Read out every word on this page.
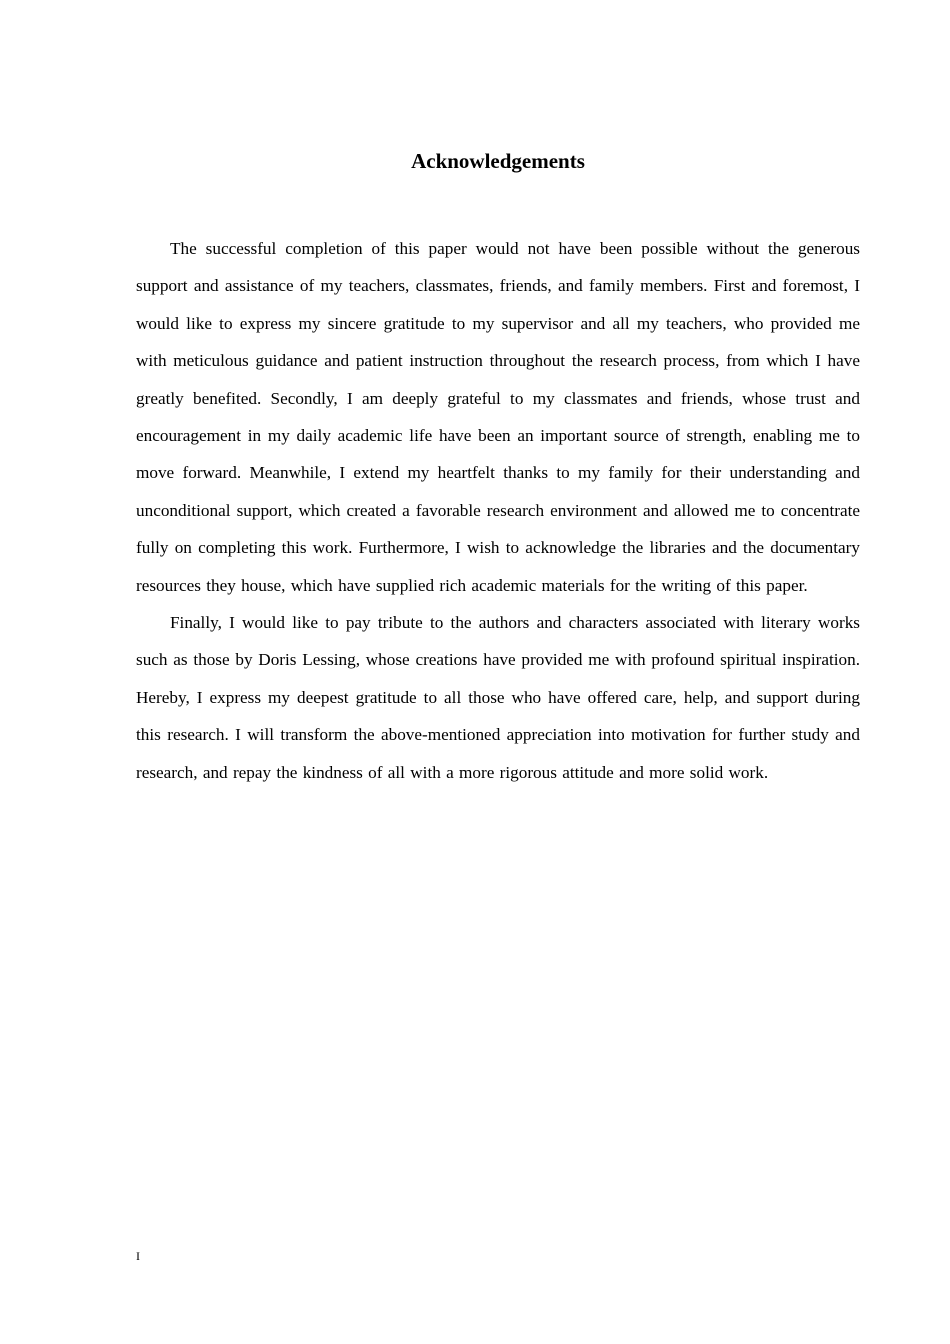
Acknowledgements

The successful completion of this paper would not have been possible without the generous support and assistance of my teachers, classmates, friends, and family members. First and foremost, I would like to express my sincere gratitude to my supervisor and all my teachers, who provided me with meticulous guidance and patient instruction throughout the research process, from which I have greatly benefited. Secondly, I am deeply grateful to my classmates and friends, whose trust and encouragement in my daily academic life have been an important source of strength, enabling me to move forward. Meanwhile, I extend my heartfelt thanks to my family for their understanding and unconditional support, which created a favorable research environment and allowed me to concentrate fully on completing this work. Furthermore, I wish to acknowledge the libraries and the documentary resources they house, which have supplied rich academic materials for the writing of this paper.

Finally, I would like to pay tribute to the authors and characters associated with literary works such as those by Doris Lessing, whose creations have provided me with profound spiritual inspiration. Hereby, I express my deepest gratitude to all those who have offered care, help, and support during this research. I will transform the above-mentioned appreciation into motivation for further study and research, and repay the kindness of all with a more rigorous attitude and more solid work.

I
